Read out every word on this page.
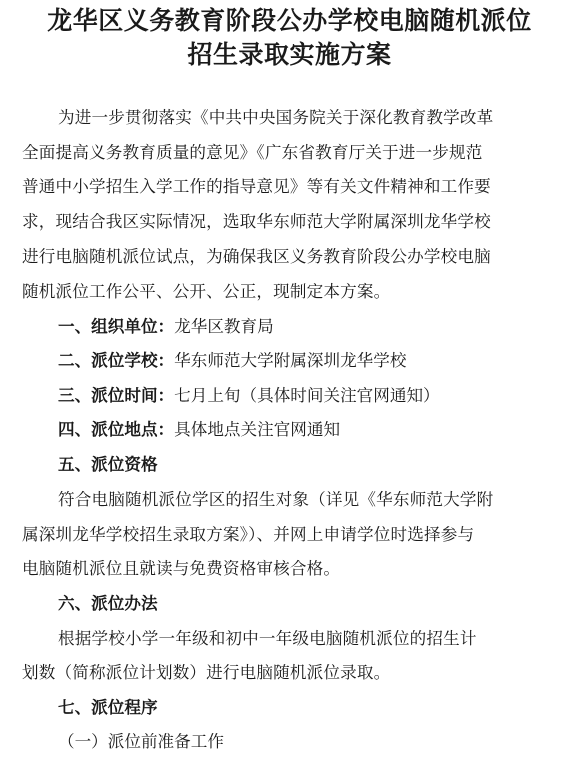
龙华区义务教育阶段公办学校电脑随机派位
招生录取实施方案
为进一步贯彻落实《中共中央国务院关于深化教育教学改革
全面提高义务教育质量的意见》《广东省教育厅关于进一步规范
普通中小学招生入学工作的指导意见》等有关文件精神和工作要
求，现结合我区实际情况，选取华东师范大学附属深圳龙华学校
进行电脑随机派位试点，为确保我区义务教育阶段公办学校电脑
随机派位工作公平、公开、公正，现制定本方案。
一、组织单位：龙华区教育局
二、派位学校：华东师范大学附属深圳龙华学校
三、派位时间：七月上旬（具体时间关注官网通知）
四、派位地点：具体地点关注官网通知
五、派位资格
符合电脑随机派位学区的招生对象（详见《华东师范大学附
属深圳龙华学校招生录取方案》）、并网上申请学位时选择参与
电脑随机派位且就读与免费资格审核合格。
六、派位办法
根据学校小学一年级和初中一年级电脑随机派位的招生计
划数（简称派位计划数）进行电脑随机派位录取。
七、派位程序
（一）派位前准备工作
